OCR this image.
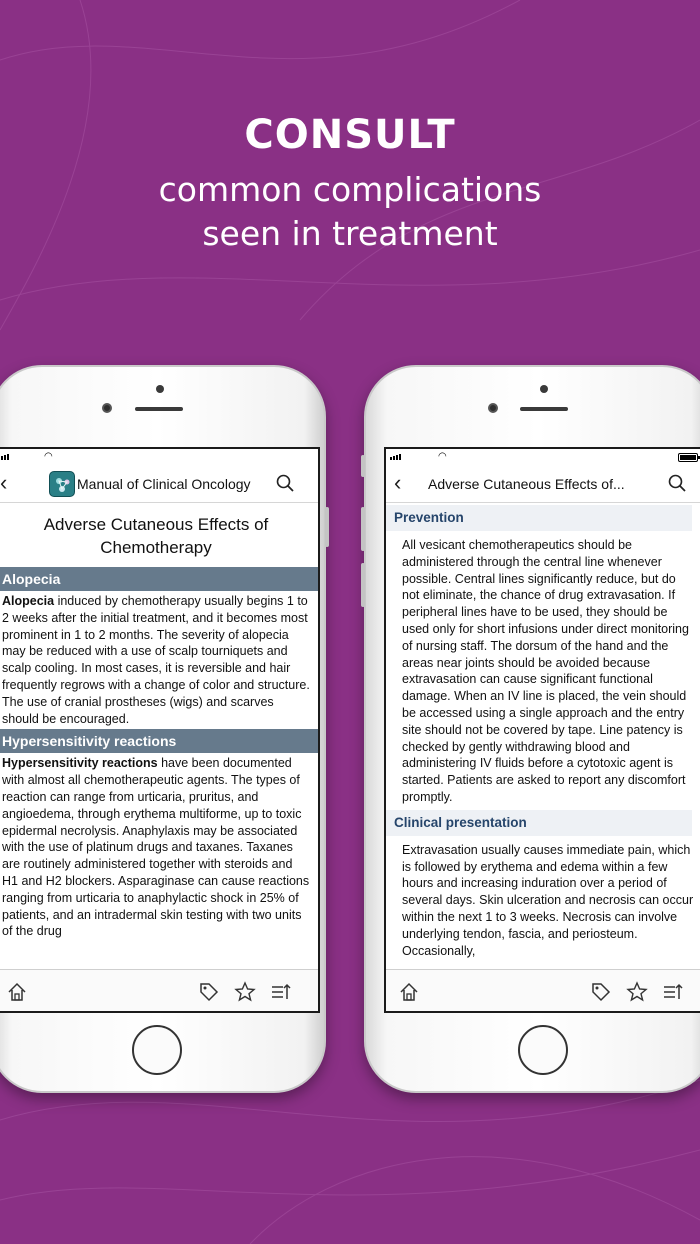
CONSULT
common complications
seen in treatment
◠
‹	Manual of Clinical Oncology
Adverse Cutaneous Effects of Chemotherapy
Alopecia
Alopecia induced by chemotherapy usually begins 1 to 2 weeks after the initial treatment, and it becomes most prominent in 1 to 2 months. The severity of alopecia may be reduced with a use of scalp tourniquets and scalp cooling. In most cases, it is reversible and hair frequently regrows with a change of color and structure. The use of cranial prostheses (wigs) and scarves should be encouraged.
Hypersensitivity reactions
Hypersensitivity reactions have been documented with almost all chemotherapeutic agents. The types of reaction can range from urticaria, pruritus, and angioedema, through erythema multiforme, up to toxic epidermal necrolysis. Anaphylaxis may be associated with the use of platinum drugs and taxanes. Taxanes are routinely administered together with steroids and H1 and H2 blockers. Asparaginase can cause reactions ranging from urticaria to anaphylactic shock in 25% of patients, and an intradermal skin testing with two units of the drug
◠
‹ Adverse Cutaneous Effects of...
Prevention
All vesicant chemotherapeutics should be administered through the central line whenever possible. Central lines significantly reduce, but do not eliminate, the chance of drug extravasation. If peripheral lines have to be used, they should be used only for short infusions under direct monitoring of nursing staff. The dorsum of the hand and the areas near joints should be avoided because extravasation can cause significant functional damage. When an IV line is placed, the vein should be accessed using a single approach and the entry site should not be covered by tape. Line patency is checked by gently withdrawing blood and administering IV fluids before a cytotoxic agent is started. Patients are asked to report any discomfort promptly.
Clinical presentation
Extravasation usually causes immediate pain, which is followed by erythema and edema within a few hours and increasing induration over a period of several days. Skin ulceration and necrosis can occur within the next 1 to 3 weeks. Necrosis can involve underlying tendon, fascia, and periosteum. Occasionally,
